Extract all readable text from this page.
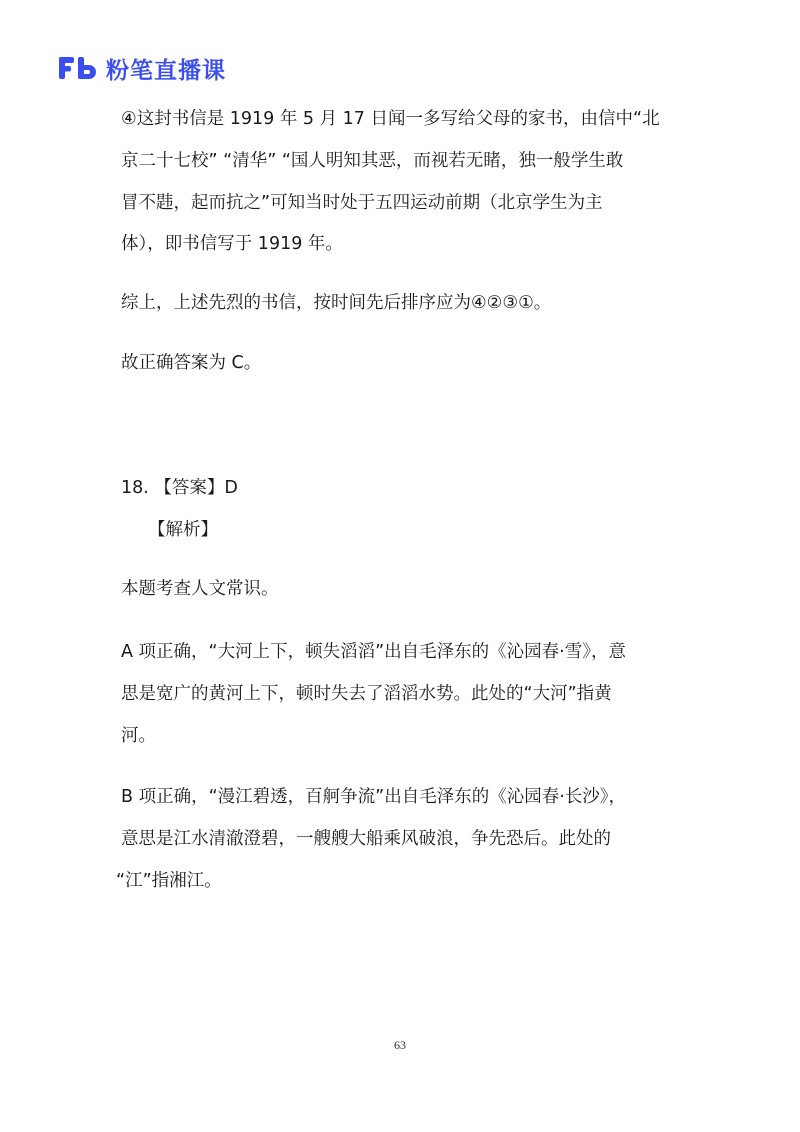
粉笔直播课
④这封书信是 1919 年 5 月 17 日闻一多写给父母的家书，由信中“北
京二十七校” “清华” “国人明知其恶，而视若无睹，独一般学生敢
冒不韪，起而抗之”可知当时处于五四运动前期（北京学生为主
体），即书信写于 1919 年。
综上，上述先烈的书信，按时间先后排序应为④②③①。
故正确答案为 C。
18. 【答案】D
【解析】
本题考查人文常识。
A 项正确，“大河上下，顿失滔滔”出自毛泽东的《沁园春·雪》，意
思是宽广的黄河上下，顿时失去了滔滔水势。此处的“大河”指黄
河。
B 项正确，“漫江碧透，百舸争流”出自毛泽东的《沁园春·长沙》，
意思是江水清澈澄碧，一艘艘大船乘风破浪，争先恐后。此处的
“江”指湘江。
63
